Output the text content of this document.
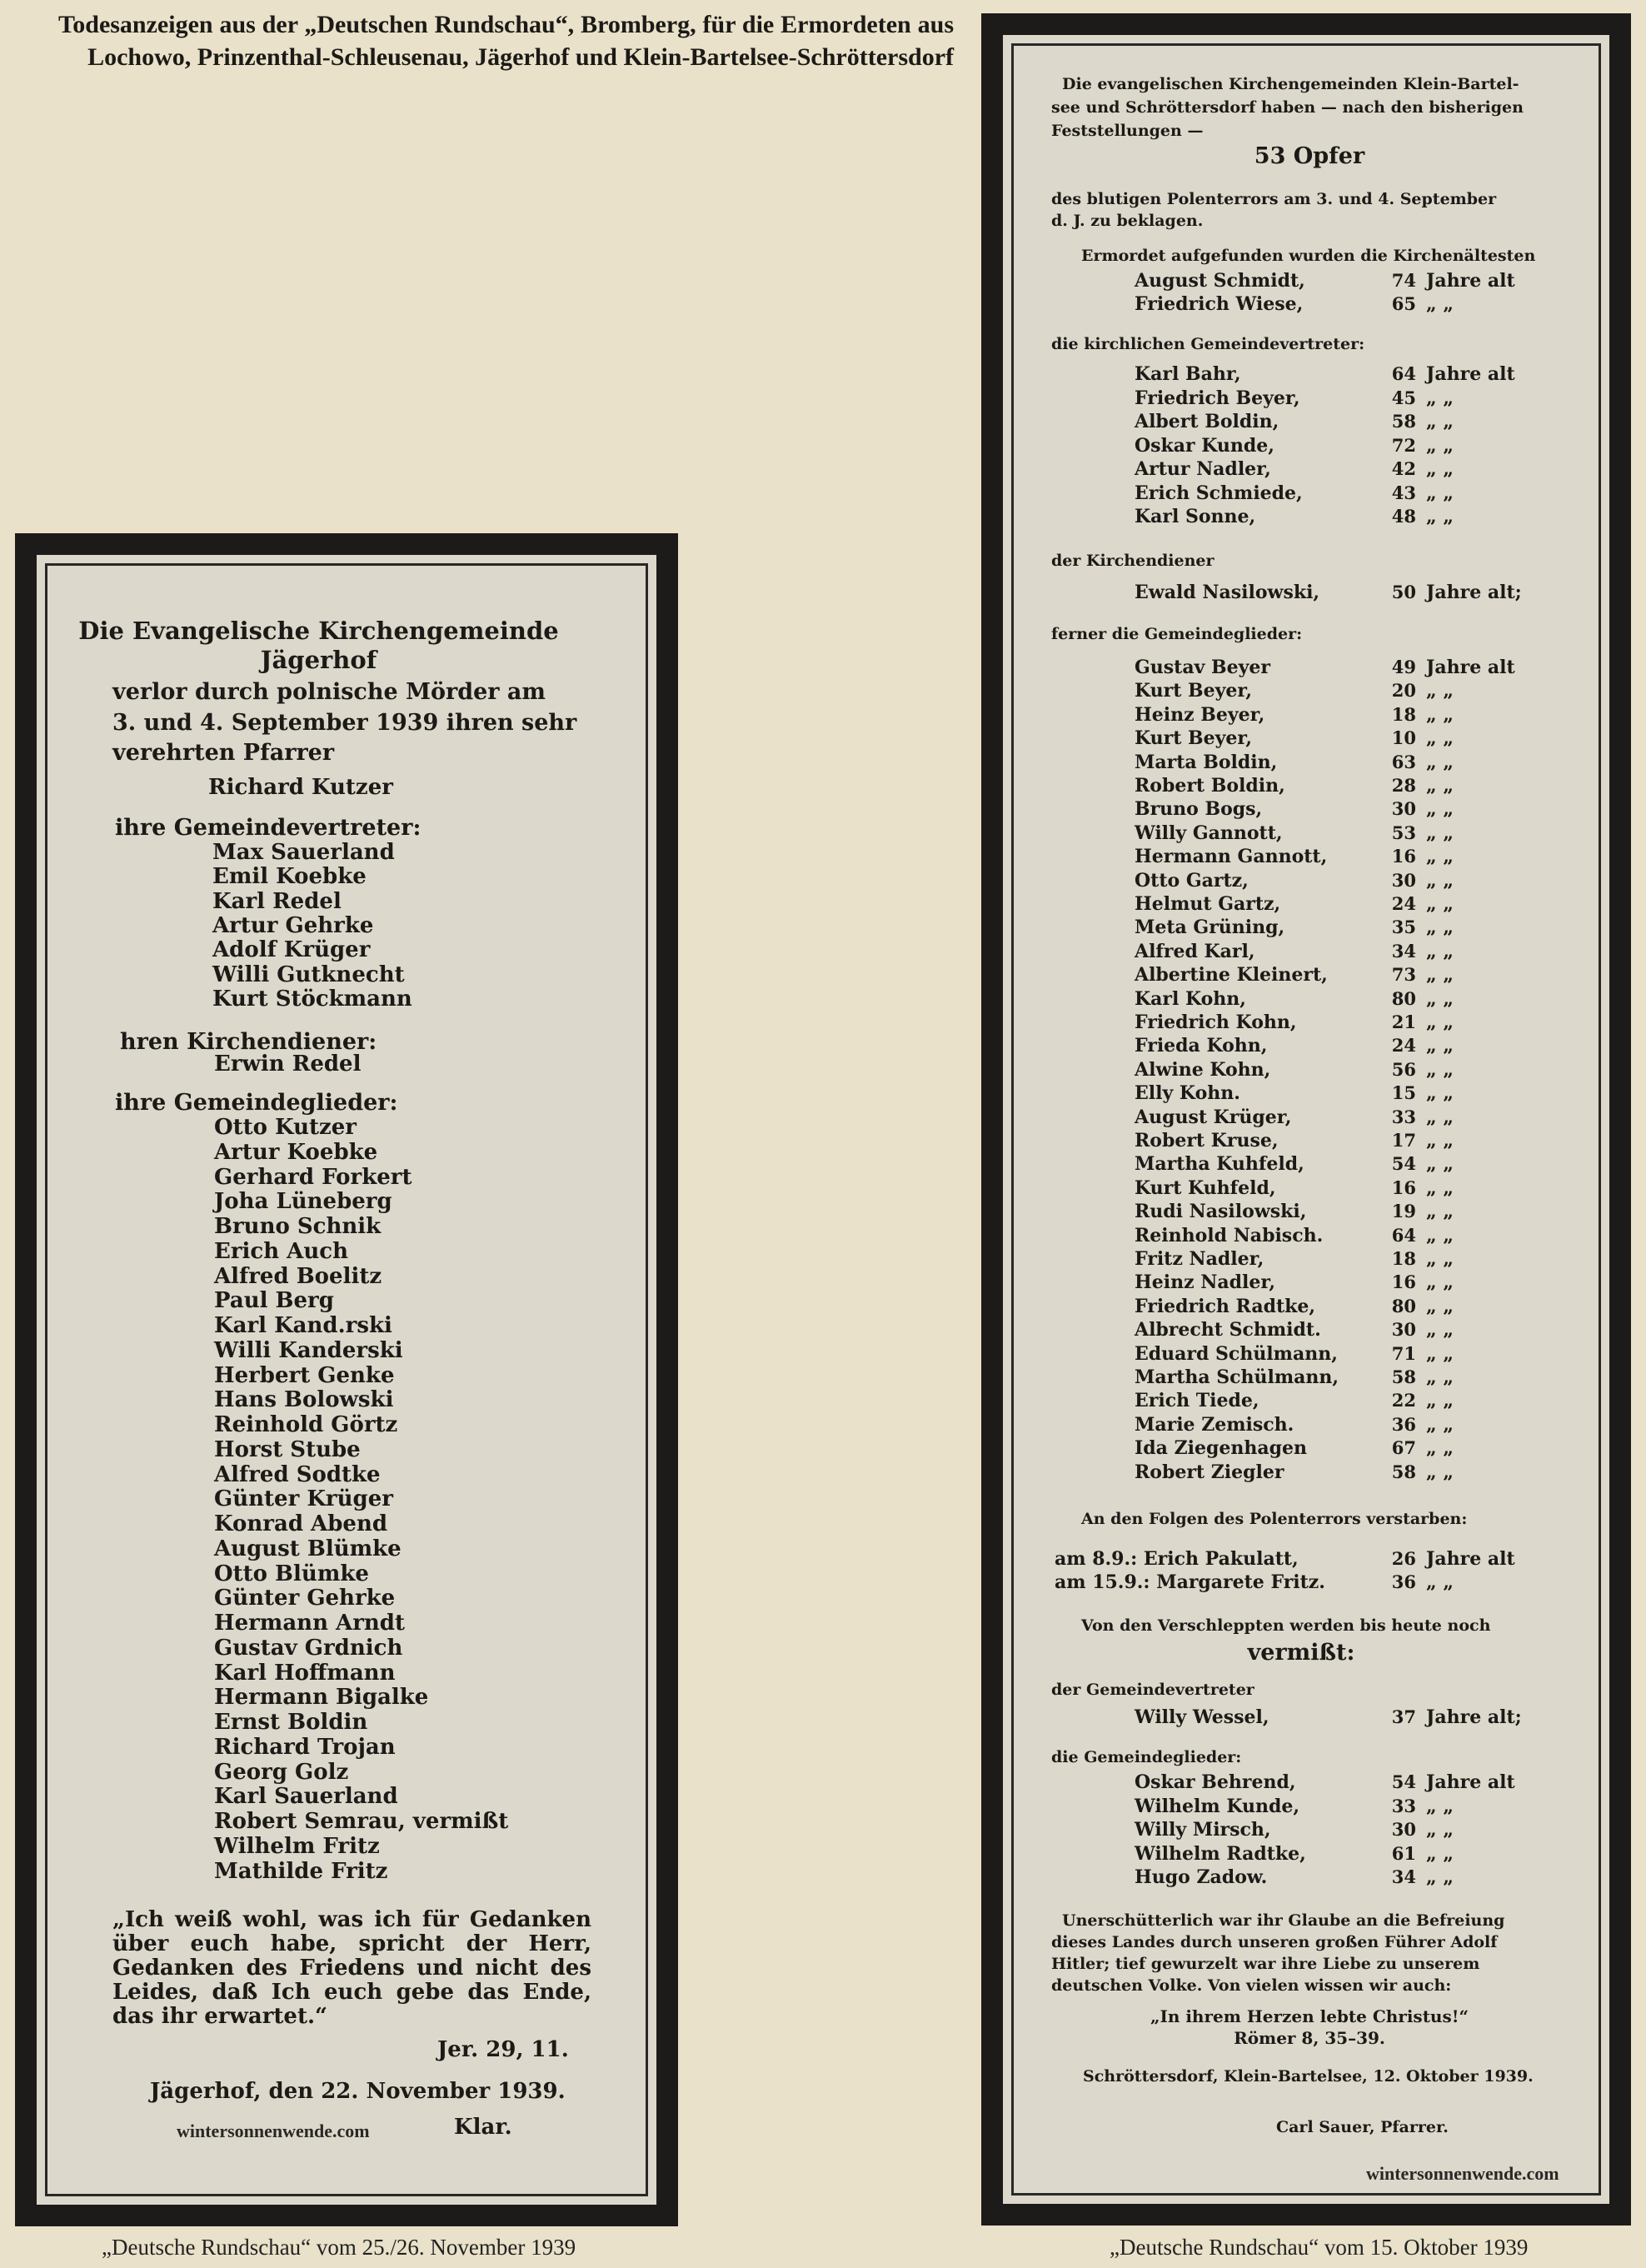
Todesanzeigen aus der „Deutschen Rundschau“, Bromberg, für die Ermordeten aus Lochowo, Prinzenthal-Schleusenau, Jägerhof und Klein-Bartelsee-Schröttersdorf
Die Evangelische Kirchengemeinde
Jägerhof
verlor durch polnische Mörder am
3. und 4. September 1939 ihren sehr
verehrten Pfarrer
Richard Kutzer
ihre Gemeindevertreter:
Max Sauerland
Emil Koebke
Karl Redel
Artur Gehrke
Adolf Krüger
Willi Gutknecht
Kurt Stöckmann
hren Kirchendiener:
Erwin Redel
ihre Gemeindeglieder:
Otto Kutzer
Artur Koebke
Gerhard Forkert
Joha Lüneberg
Bruno Schnik
Erich Auch
Alfred Boelitz
Paul Berg
Karl Kand.rski
Willi Kanderski
Herbert Genke
Hans Bolowski
Reinhold Görtz
Horst Stube
Alfred Sodtke
Günter Krüger
Konrad Abend
August Blümke
Otto Blümke
Günter Gehrke
Hermann Arndt
Gustav Grdnich
Karl Hoffmann
Hermann Bigalke
Ernst Boldin
Richard Trojan
Georg Golz
Karl Sauerland
Robert Semrau, vermißt
Wilhelm Fritz
Mathilde Fritz
„Ich weiß wohl, was ich für Gedanken über euch habe, spricht der Herr, Gedanken des Friedens und nicht des Leides, daß Ich euch gebe das Ende, das ihr erwartet.“
Jer. 29, 11.
Jägerhof, den 22. November 1939.
Klar.
Die evangelischen Kirchengemeinden Klein-Bartel-
see und Schröttersdorf haben — nach den bisherigen
Feststellungen —
53 Opfer
des blutigen Polenterrors am 3. und 4. September
d. J. zu beklagen.
Ermordet aufgefunden wurden die Kirchenältesten
August Schmidt,	74 Jahre alt
Friedrich Wiese,	65 „ „
die kirchlichen Gemeindevertreter:
Karl Bahr,	64 Jahre alt
Friedrich Beyer,	45 „ „
Albert Boldin,	58 „ „
Oskar Kunde,	72 „ „
Artur Nadler,	42 „ „
Erich Schmiede,	43 „ „
Karl Sonne,	48 „ „
der Kirchendiener
Ewald Nasilowski,	50 Jahre alt;
ferner die Gemeindeglieder:
Gustav Beyer	49 Jahre alt
Kurt Beyer,	20 „ „
Heinz Beyer,	18 „ „
Kurt Beyer,	10 „ „
Marta Boldin,	63 „ „
Robert Boldin,	28 „ „
Bruno Bogs,	30 „ „
Willy Gannott,	53 „ „
Hermann Gannott,	16 „ „
Otto Gartz,	30 „ „
Helmut Gartz,	24 „ „
Meta Grüning,	35 „ „
Alfred Karl,	34 „ „
Albertine Kleinert,	73 „ „
Karl Kohn,	80 „ „
Friedrich Kohn,	21 „ „
Frieda Kohn,	24 „ „
Alwine Kohn,	56 „ „
Elly Kohn.	15 „ „
August Krüger,	33 „ „
Robert Kruse,	17 „ „
Martha Kuhfeld,	54 „ „
Kurt Kuhfeld,	16 „ „
Rudi Nasilowski,	19 „ „
Reinhold Nabisch.	64 „ „
Fritz Nadler,	18 „ „
Heinz Nadler,	16 „ „
Friedrich Radtke,	80 „ „
Albrecht Schmidt.	30 „ „
Eduard Schülmann,	71 „ „
Martha Schülmann,	58 „ „
Erich Tiede,	22 „ „
Marie Zemisch.	36 „ „
Ida Ziegenhagen	67 „ „
Robert Ziegler	58 „ „
An den Folgen des Polenterrors verstarben:
am 8.9.: Erich Pakulatt,	26 Jahre alt
am 15.9.: Margarete Fritz.	36 „ „
Von den Verschleppten werden bis heute noch
vermißt:
der Gemeindevertreter
Willy Wessel,	37 Jahre alt;
die Gemeindeglieder:
Oskar Behrend,	54 Jahre alt
Wilhelm Kunde,	33 „ „
Willy Mirsch,	30 „ „
Wilhelm Radtke,	61 „ „
Hugo Zadow.	34 „ „
Unerschütterlich war ihr Glaube an die Befreiung
dieses Landes durch unseren großen Führer Adolf
Hitler; tief gewurzelt war ihre Liebe zu unserem
deutschen Volke. Von vielen wissen wir auch:
„In ihrem Herzen lebte Christus!“
Römer 8, 35–39.
Schröttersdorf, Klein-Bartelsee, 12. Oktober 1939.
Carl Sauer, Pfarrer.
wintersonnenwende.com
wintersonnenwende.com
„Deutsche Rundschau“ vom 25./26. November 1939	„Deutsche Rundschau“ vom 15. Oktober 1939
